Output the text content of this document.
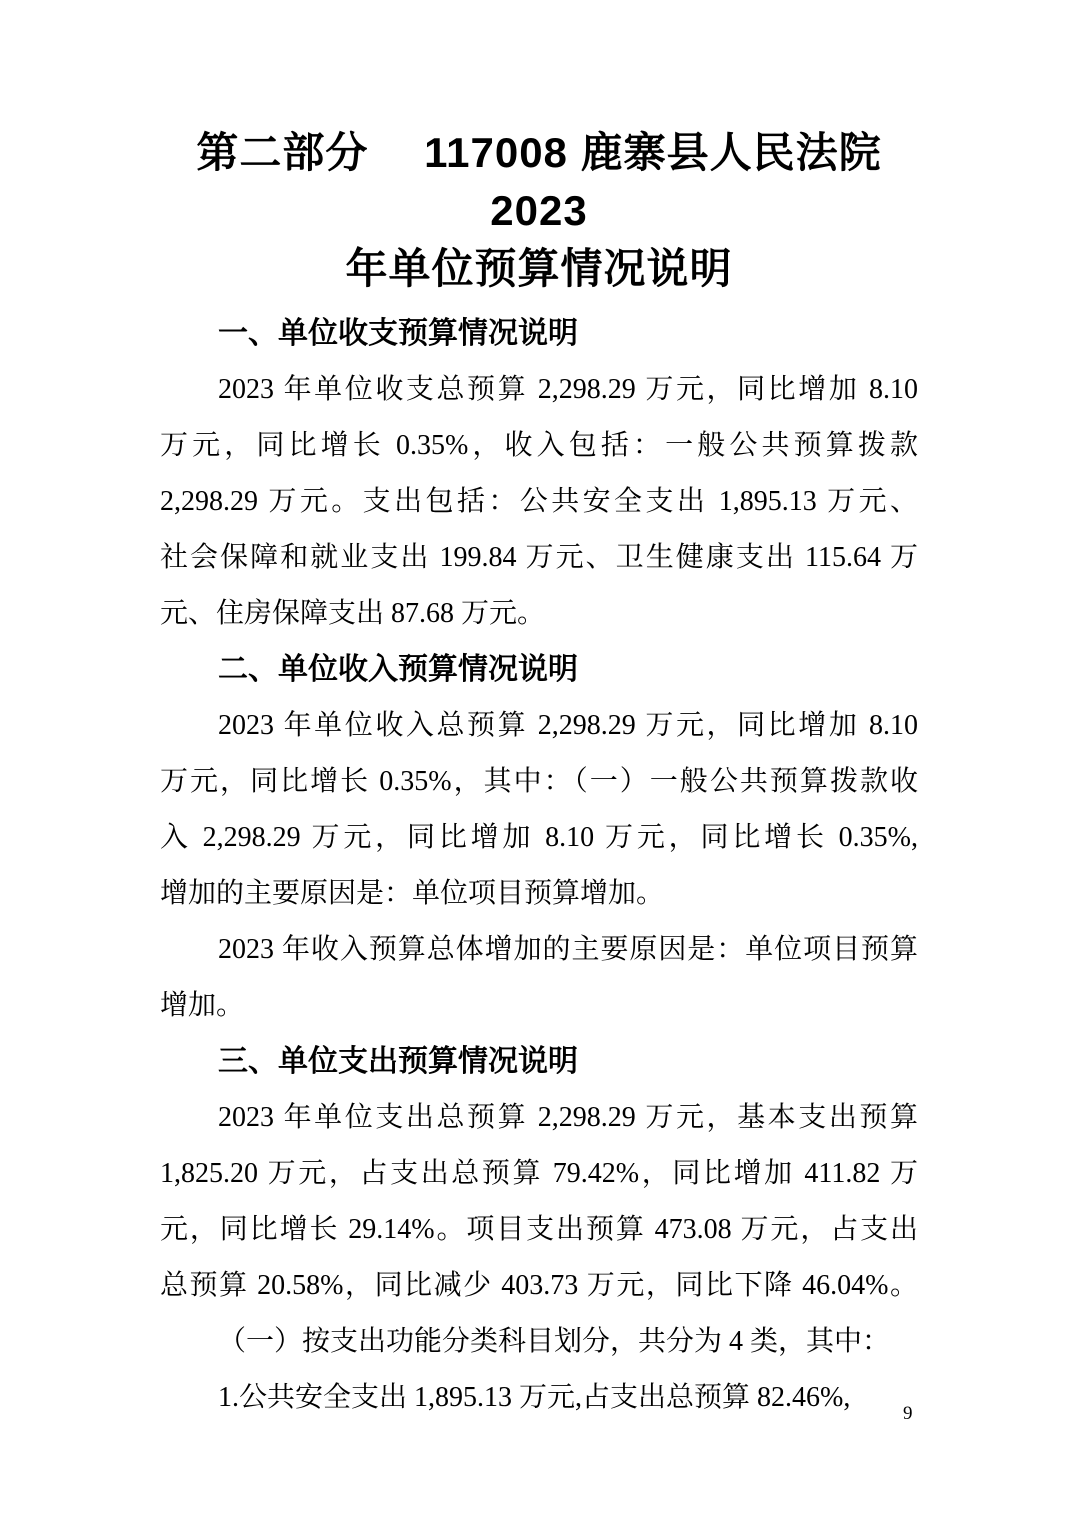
第二部分　 117008 鹿寨县人民法院 2023
年单位预算情况说明
一、单位收支预算情况说明
2023 年单位收支总预算 2,298.29 万元，同比增加 8.10
万元，同比增长 0.35%，收入包括：一般公共预算拨款
2,298.29 万元。支出包括：公共安全支出 1,895.13 万元、
社会保障和就业支出 199.84 万元、卫生健康支出 115.64 万
元、住房保障支出 87.68 万元。
二、单位收入预算情况说明
2023 年单位收入总预算 2,298.29 万元，同比增加 8.10
万元，同比增长 0.35%，其中：（一）一般公共预算拨款收
入 2,298.29 万元，同比增加 8.10 万元，同比增长 0.35%,
增加的主要原因是：单位项目预算增加。
2023 年收入预算总体增加的主要原因是：单位项目预算
增加。
三、单位支出预算情况说明
2023 年单位支出总预算 2,298.29 万元，基本支出预算
1,825.20 万元，占支出总预算 79.42%，同比增加 411.82 万
元，同比增长 29.14%。项目支出预算 473.08 万元，占支出
总预算 20.58%，同比减少 403.73 万元，同比下降 46.04%。
（一）按支出功能分类科目划分，共分为 4 类，其中：
1.公共安全支出 1,895.13 万元,占支出总预算 82.46%,
9
